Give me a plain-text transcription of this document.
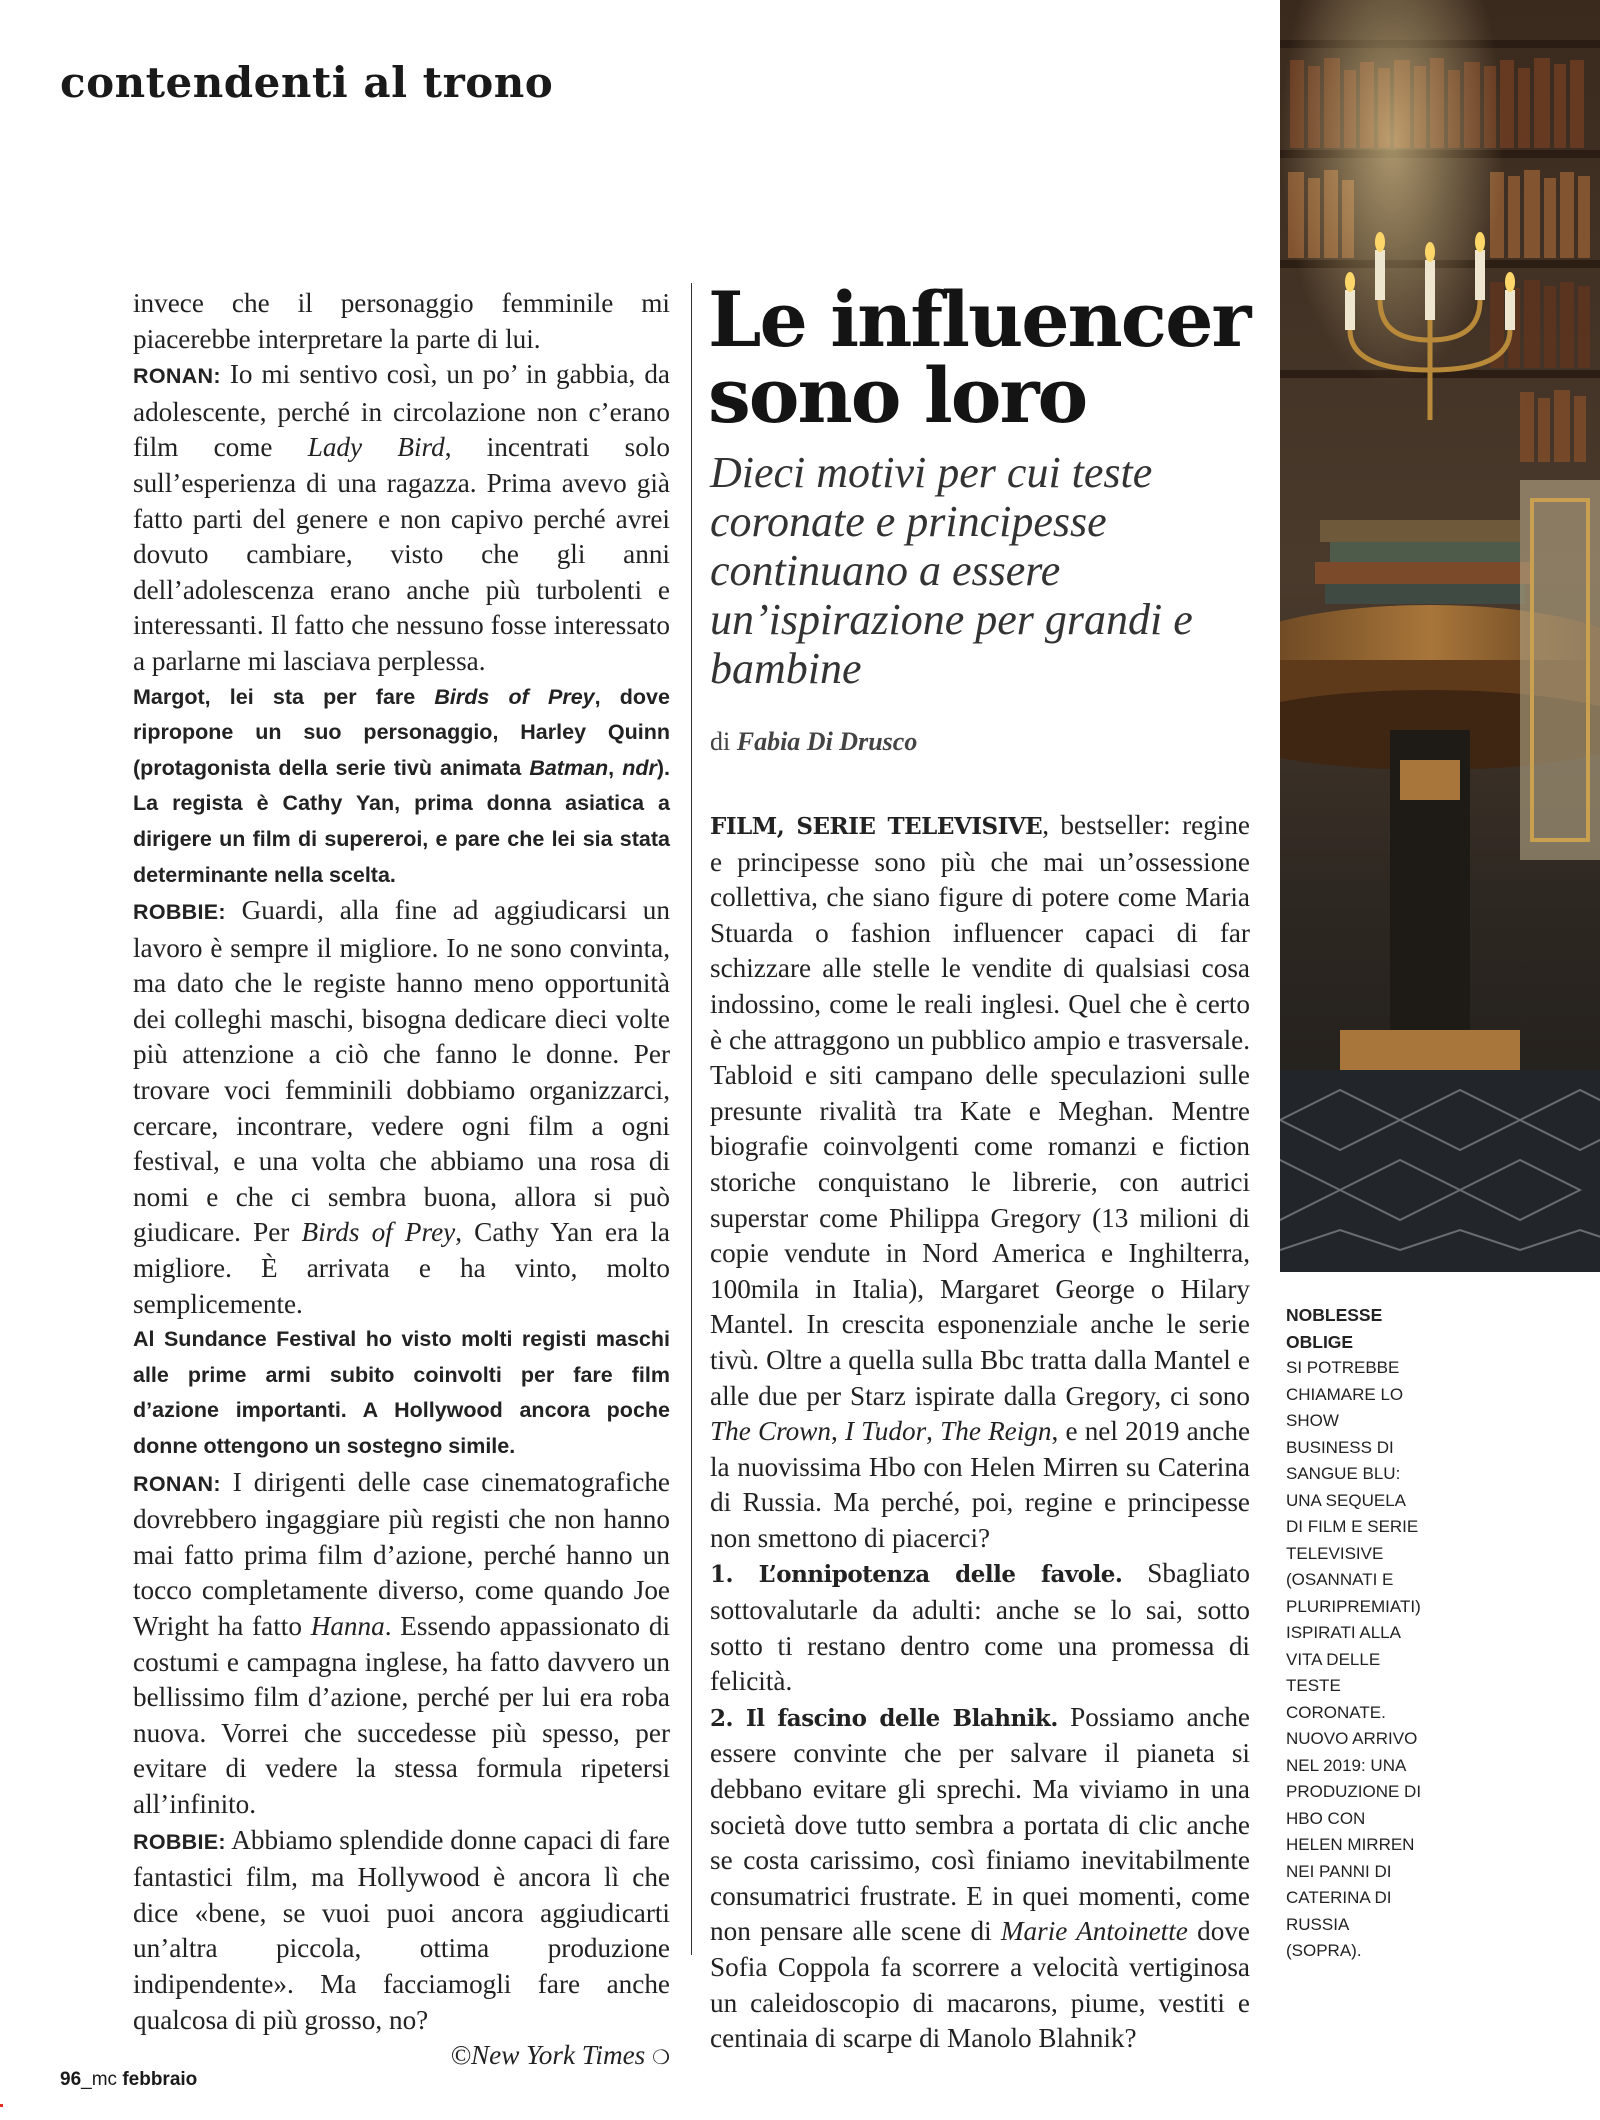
contendenti al trono

invece che il personaggio femminile mi piacerebbe interpretare la parte di lui.
RONAN: Io mi sentivo così, un po’ in gabbia, da adolescente, perché in circolazione non c’erano film come Lady Bird, incentrati solo sull’esperienza di una ragazza. Prima avevo già fatto parti del genere e non capivo perché avrei dovuto cambiare, visto che gli anni dell’adolescenza erano anche più turbolenti e interessanti. Il fatto che nessuno fosse interessato a parlarne mi lasciava perplessa.

Margot, lei sta per fare Birds of Prey, dove ripropone un suo personaggio, Harley Quinn (protagonista della serie tivù animata Batman, ndr). La regista è Cathy Yan, prima donna asiatica a dirigere un film di supereroi, e pare che lei sia stata determinante nella scelta.

ROBBIE: Guardi, alla fine ad aggiudicarsi un lavoro è sempre il migliore. Io ne sono convinta, ma dato che le registe hanno meno opportunità dei colleghi maschi, bisogna dedicare dieci volte più attenzione a ciò che fanno le donne. Per trovare voci femminili dobbiamo organizzarci, cercare, incontrare, vedere ogni film a ogni festival, e una volta che abbiamo una rosa di nomi e che ci sembra buona, allora si può giudicare. Per Birds of Prey, Cathy Yan era la migliore. È arrivata e ha vinto, molto semplicemente.

Al Sundance Festival ho visto molti registi maschi alle prime armi subito coinvolti per fare film d’azione importanti. A Hollywood ancora poche donne ottengono un sostegno simile.

RONAN: I dirigenti delle case cinematografiche dovrebbero ingaggiare più registi che non hanno mai fatto prima film d’azione, perché hanno un tocco completamente diverso, come quando Joe Wright ha fatto Hanna. Essendo appassionato di costumi e campagna inglese, ha fatto davvero un bellissimo film d’azione, perché per lui era roba nuova. Vorrei che succedesse più spesso, per evitare di vedere la stessa formula ripetersi all’infinito.

ROBBIE: Abbiamo splendide donne capaci di fare fantastici film, ma Hollywood è ancora lì che dice «bene, se vuoi puoi ancora aggiudicarti un’altra piccola, ottima produzione indipendente». Ma facciamogli fare anche qualcosa di più grosso, no?

©New York Times ❍

Le influencer sono loro

Dieci motivi per cui teste coronate e principesse continuano a essere un’ispirazione per grandi e bambine

di Fabia Di Drusco

FILM, SERIE TELEVISIVE, bestseller: regine e principesse sono più che mai un’ossessione collettiva, che siano figure di potere come Maria Stuarda o fashion influencer capaci di far schizzare alle stelle le vendite di qualsiasi cosa indossino, come le reali inglesi. Quel che è certo è che attraggono un pubblico ampio e trasversale. Tabloid e siti campano delle speculazioni sulle presunte rivalità tra Kate e Meghan. Mentre biografie coinvolgenti come romanzi e fiction storiche conquistano le librerie, con autrici superstar come Philippa Gregory (13 milioni di copie vendute in Nord America e Inghilterra, 100mila in Italia), Margaret George o Hilary Mantel. In crescita esponenziale anche le serie tivù. Oltre a quella sulla Bbc tratta dalla Mantel e alle due per Starz ispirate dalla Gregory, ci sono The Crown, I Tudor, The Reign, e nel 2019 anche la nuovissima Hbo con Helen Mirren su Caterina di Russia. Ma perché, poi, regine e principesse non smettono di piacerci?

1. L’onnipotenza delle favole. Sbagliato sottovalutarle da adulti: anche se lo sai, sotto sotto ti restano dentro come una promessa di felicità.

2. Il fascino delle Blahnik. Possiamo anche essere convinte che per salvare il pianeta si debbano evitare gli sprechi. Ma viviamo in una società dove tutto sembra a portata di clic anche se costa carissimo, così finiamo inevitabilmente consumatrici frustrate. E in quei momenti, come non pensare alle scene di Marie Antoinette dove Sofia Coppola fa scorrere a velocità vertiginosa un caleidoscopio di macarons, piume, vestiti e centinaia di scarpe di Manolo Blahnik?

NOBLESSE OBLIGE
SI POTREBBE CHIAMARE LO SHOW BUSINESS DI SANGUE BLU: UNA SEQUELA DI FILM E SERIE TELEVISIVE (OSANNATI E PLURIPREMIATI) ISPIRATI ALLA VITA DELLE TESTE CORONATE. NUOVO ARRIVO NEL 2019: UNA PRODUZIONE DI HBO CON HELEN MIRREN NEI PANNI DI CATERINA DI RUSSIA (SOPRA).
96_mc febbraio
